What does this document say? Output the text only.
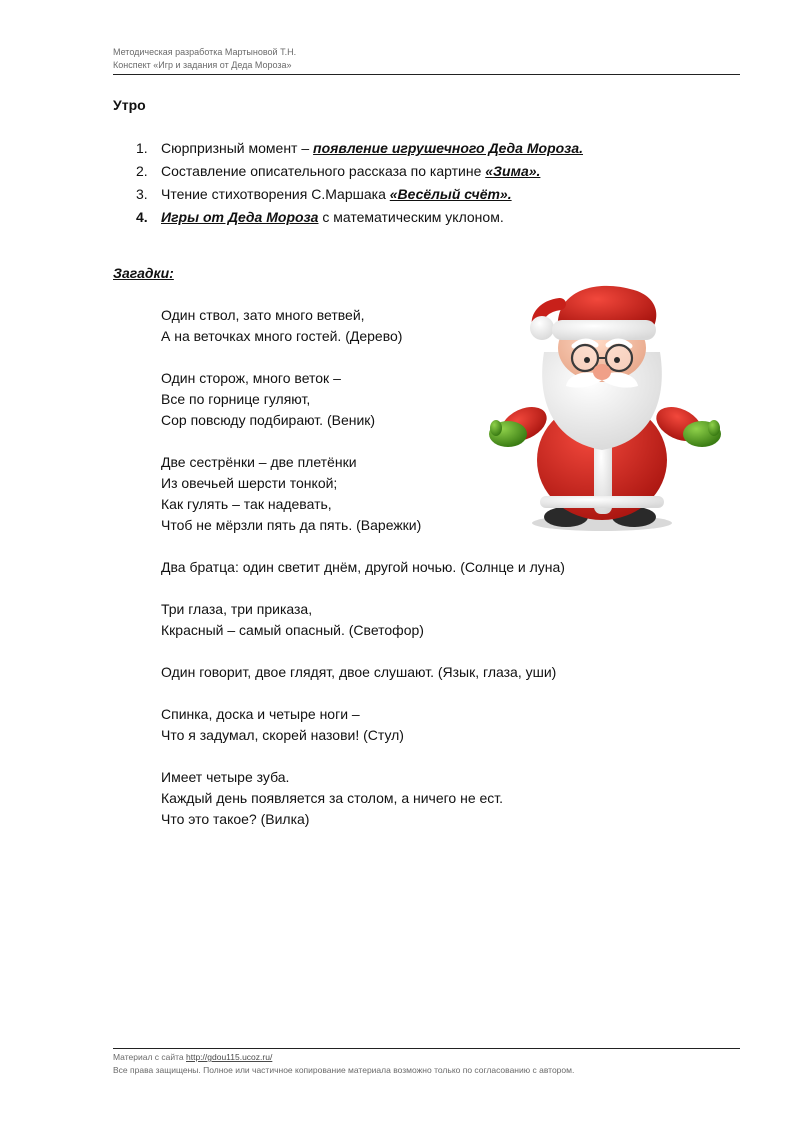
Методическая разработка Мартыновой Т.Н.
Конспект «Игр и задания от Деда Мороза»
Утро
1. Сюрпризный момент – появление игрушечного Деда Мороза.
2. Составление описательного рассказа по картине «Зима».
3. Чтение стихотворения С.Маршака «Весёлый счёт».
4. Игры от Деда Мороза с математическим уклоном.
Загадки:
Один ствол, зато много ветвей,
А на веточках много гостей. (Дерево)
Один сторож, много веток –
Все по горнице гуляют,
Сор повсюду подбирают. (Веник)
Две сестрёнки – две плетёнки
Из овечьей шерсти тонкой;
Как гулять – так надевать,
Чтоб не мёрзли пять да пять. (Варежки)
Два братца: один светит днём, другой ночью. (Солнце и луна)
Три глаза, три приказа,
Ккрасный – самый опасный. (Светофор)
Один говорит, двое глядят, двое слушают. (Язык, глаза, уши)
Спинка, доска и четыре ноги –
Что я задумал, скорей назови! (Стул)
Имеет четыре зуба.
Каждый день появляется за столом, а ничего не ест.
Что это такое? (Вилка)
Материал с сайта http://gdou115.ucoz.ru/
Все права защищены. Полное или частичное копирование материала возможно только по согласованию с автором.
